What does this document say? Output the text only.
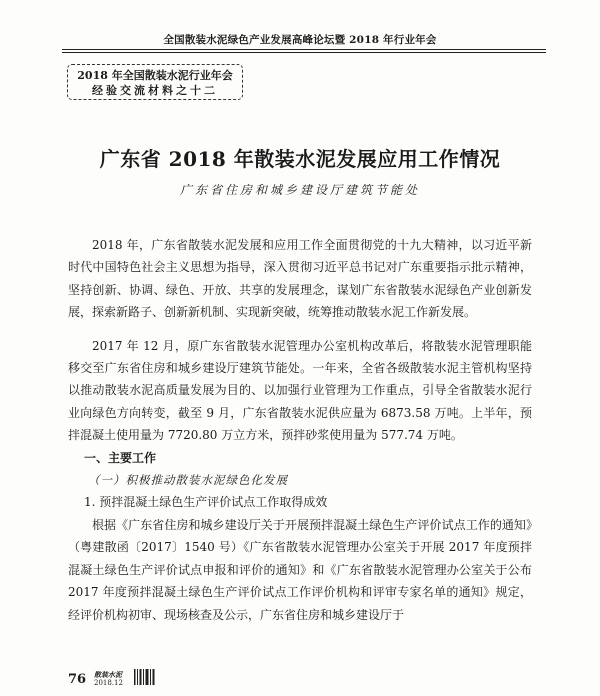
全国散装水泥绿色产业发展高峰论坛暨 2018 年行业年会
2018 年全国散装水泥行业年会
经验交流材料之十二
广东省 2018 年散装水泥发展应用工作情况
广东省住房和城乡建设厅建筑节能处

2018 年，广东省散装水泥发展和应用工作全面贯彻党的十九大精神，以习近平新时代中国特色社会主义思想为指导，深入贯彻习近平总书记对广东重要指示批示精神，坚持创新、协调、绿色、开放、共享的发展理念，谋划广东省散装水泥绿色产业创新发展，探索新路子、创新新机制、实现新突破，统筹推动散装水泥工作新发展。

2017 年 12 月，原广东省散装水泥管理办公室机构改革后，将散装水泥管理职能移交至广东省住房和城乡建设厅建筑节能处。一年来，全省各级散装水泥主管机构坚持以推动散装水泥高质量发展为目的、以加强行业管理为工作重点，引导全省散装水泥行业向绿色方向转变，截至 9 月，广东省散装水泥供应量为 6873.58 万吨。上半年，预拌混凝土使用量为 7720.80 万立方米，预拌砂浆使用量为 577.74 万吨。

一、主要工作

（一）积极推动散装水泥绿色化发展

1. 预拌混凝土绿色生产评价试点工作取得成效

根据《广东省住房和城乡建设厅关于开展预拌混凝土绿色生产评价试点工作的通知》（粤建散函〔2017〕1540 号）《广东省散装水泥管理办公室关于开展 2017 年度预拌混凝土绿色生产评价试点申报和评价的通知》和《广东省散装水泥管理办公室关于公布 2017 年度预拌混凝土绿色生产评价试点工作评价机构和评审专家名单的通知》规定，经评价机构初审、现场核查及公示，广东省住房和城乡建设厅于

76 散装水泥
2018.12
